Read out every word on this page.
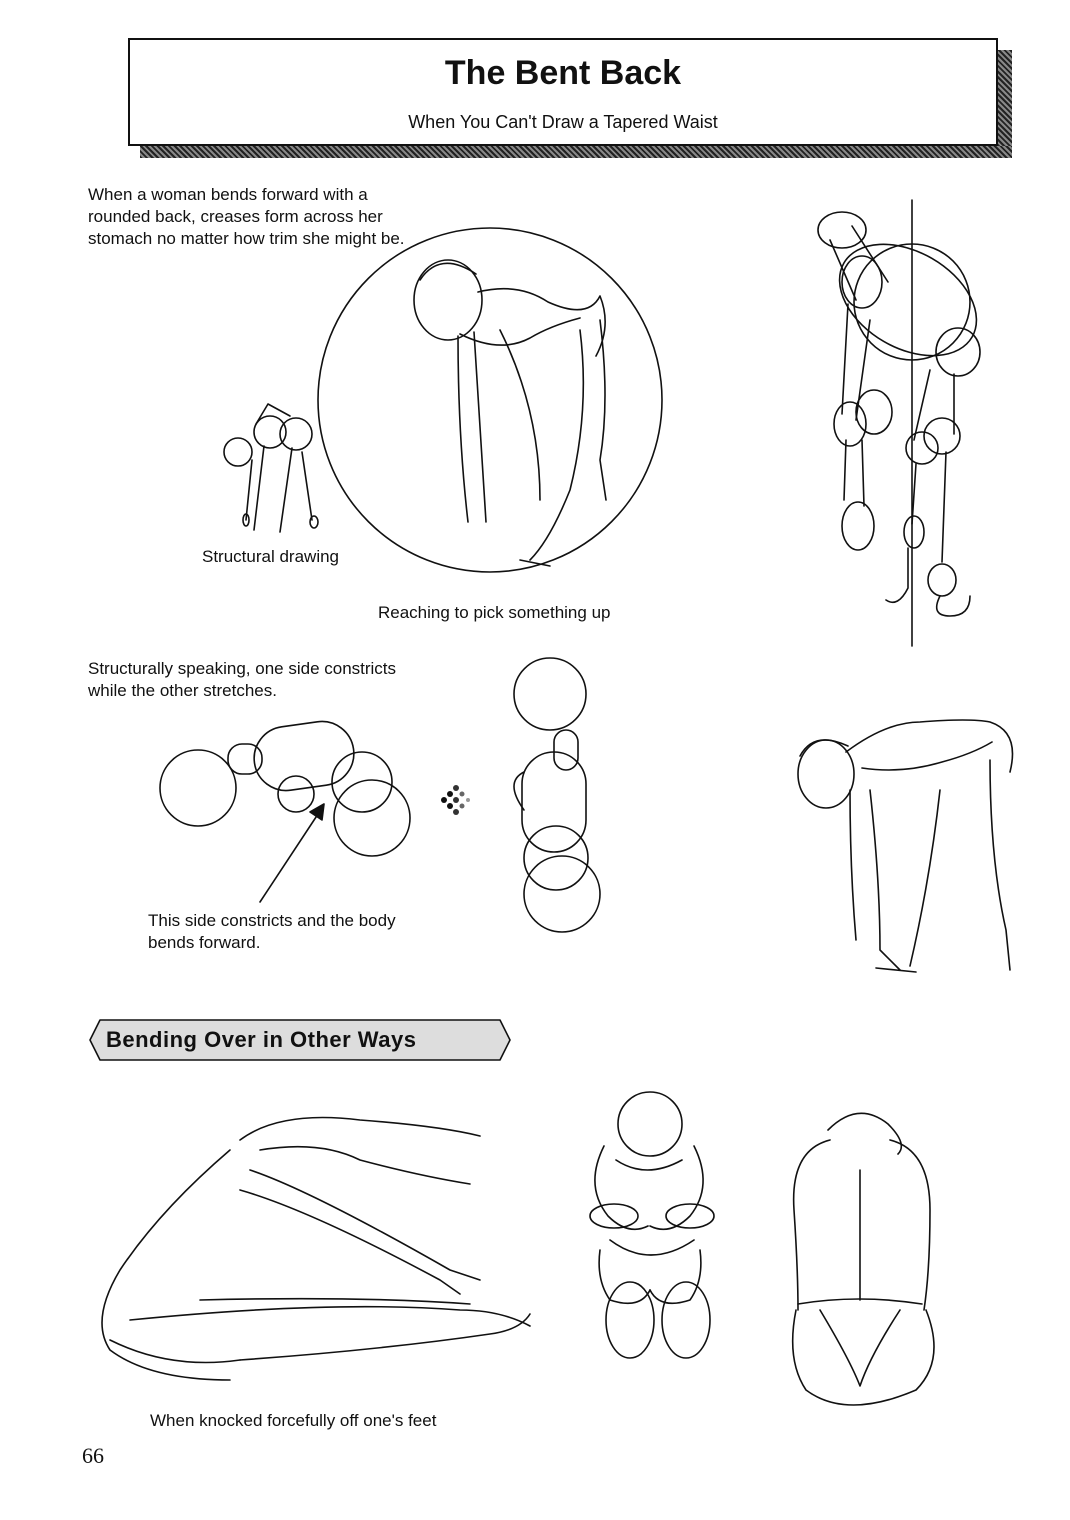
The Bent Back
When You Can't Draw a Tapered Waist
When a woman bends forward with a rounded back, creases form across her stomach no matter how trim she might be.
Structural drawing
Reaching to pick something up
Structurally speaking, one side constricts while the other stretches.
This side constricts and the body bends forward.
Bending Over in Other Ways
When knocked forcefully off one's feet
66
